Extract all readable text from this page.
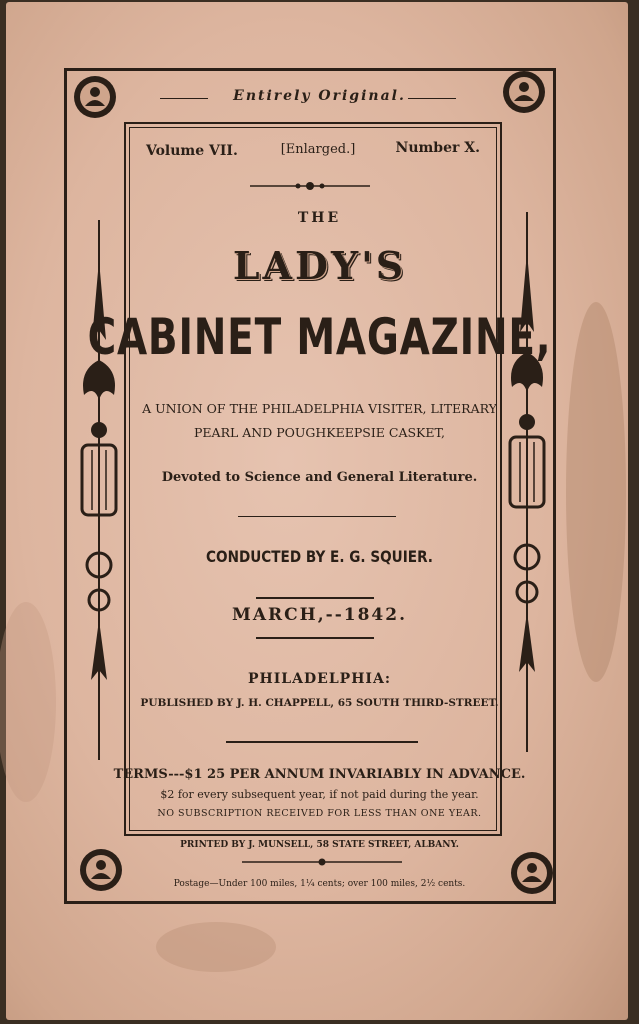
Entirely Original.
Volume VII.	[Enlarged.]	Number X.
THE
LADY'S
CABINET MAGAZINE,
A UNION OF THE PHILADELPHIA VISITER, LITERARY
PEARL AND POUGHKEEPSIE CASKET,
Devoted to Science and General Literature.
CONDUCTED BY E. G. SQUIER.
MARCH,--1842.
PHILADELPHIA:
PUBLISHED BY J. H. CHAPPELL, 65 SOUTH THIRD-STREET.
TERMS---$1 25 PER ANNUM INVARIABLY IN ADVANCE.
$2 for every subsequent year, if not paid during the year.
NO SUBSCRIPTION RECEIVED FOR LESS THAN ONE YEAR.
PRINTED BY J. MUNSELL, 58 STATE STREET, ALBANY.
Postage—Under 100 miles, 1¼ cents; over 100 miles, 2½ cents.
